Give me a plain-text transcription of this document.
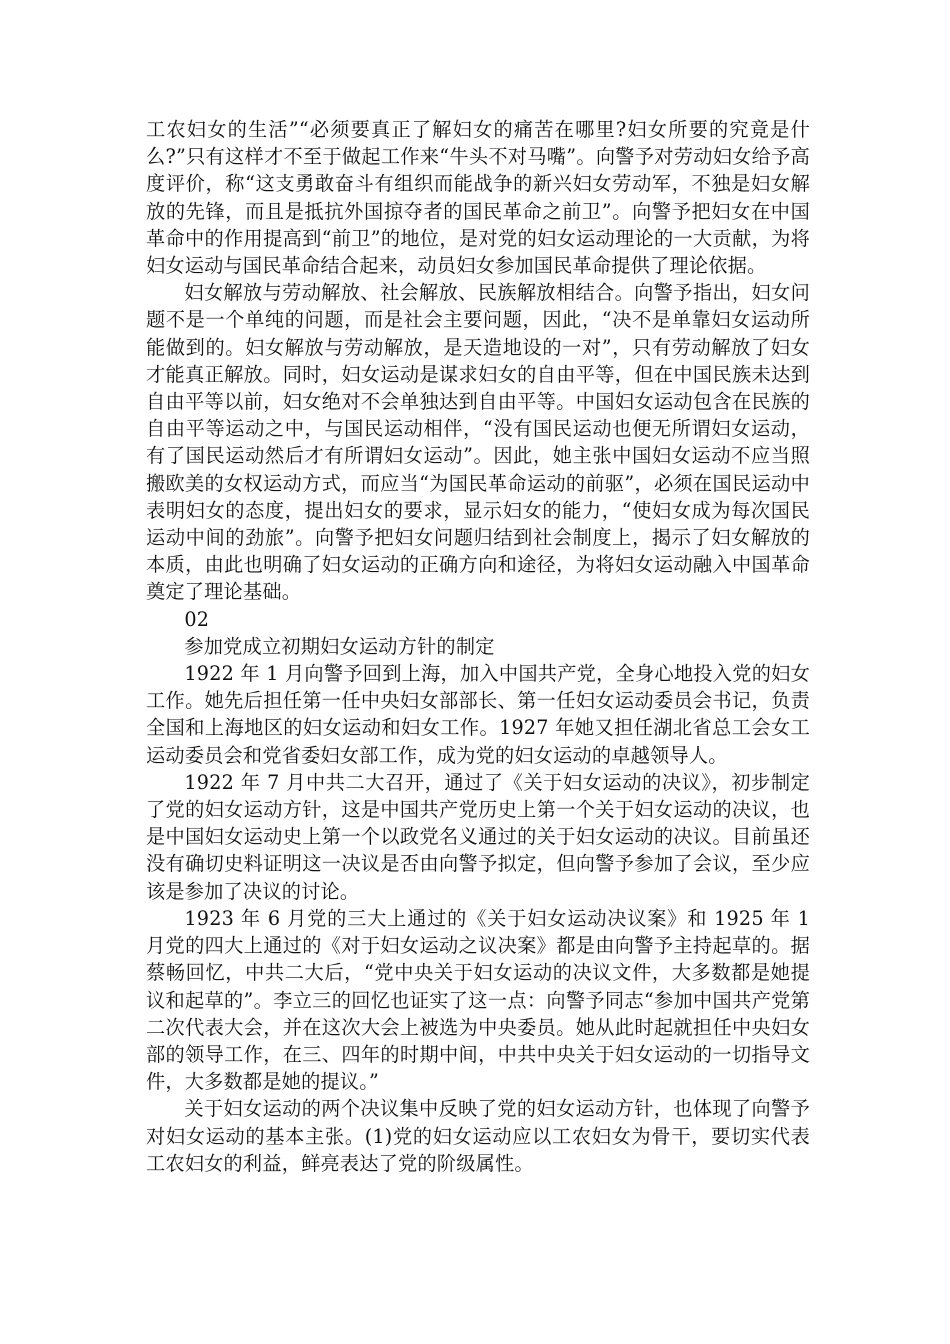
工农妇女的生活”“必须要真正了解妇女的痛苦在哪里?妇女所要的究竟是什么?”只有这样才不至于做起工作来“牛头不对马嘴”。向警予对劳动妇女给予高度评价，称“这支勇敢奋斗有组织而能战争的新兴妇女劳动军，不独是妇女解放的先锋，而且是抵抗外国掠夺者的国民革命之前卫”。向警予把妇女在中国革命中的作用提高到“前卫”的地位，是对党的妇女运动理论的一大贡献，为将妇女运动与国民革命结合起来，动员妇女参加国民革命提供了理论依据。

妇女解放与劳动解放、社会解放、民族解放相结合。向警予指出，妇女问题不是一个单纯的问题，而是社会主要问题，因此，“决不是单靠妇女运动所能做到的。妇女解放与劳动解放，是天造地设的一对”，只有劳动解放了妇女才能真正解放。同时，妇女运动是谋求妇女的自由平等，但在中国民族未达到自由平等以前，妇女绝对不会单独达到自由平等。中国妇女运动包含在民族的自由平等运动之中，与国民运动相伴，“没有国民运动也便无所谓妇女运动，有了国民运动然后才有所谓妇女运动”。因此，她主张中国妇女运动不应当照搬欧美的女权运动方式，而应当“为国民革命运动的前驱”，必须在国民运动中表明妇女的态度，提出妇女的要求，显示妇女的能力，“使妇女成为每次国民运动中间的劲旅”。向警予把妇女问题归结到社会制度上，揭示了妇女解放的本质，由此也明确了妇女运动的正确方向和途径，为将妇女运动融入中国革命奠定了理论基础。

02

参加党成立初期妇女运动方针的制定

1922 年 1 月向警予回到上海，加入中国共产党，全身心地投入党的妇女工作。她先后担任第一任中央妇女部部长、第一任妇女运动委员会书记，负责全国和上海地区的妇女运动和妇女工作。1927 年她又担任湖北省总工会女工运动委员会和党省委妇女部工作，成为党的妇女运动的卓越领导人。

1922 年 7 月中共二大召开，通过了《关于妇女运动的决议》，初步制定了党的妇女运动方针，这是中国共产党历史上第一个关于妇女运动的决议，也是中国妇女运动史上第一个以政党名义通过的关于妇女运动的决议。目前虽还没有确切史料证明这一决议是否由向警予拟定，但向警予参加了会议，至少应该是参加了决议的讨论。

1923 年 6 月党的三大上通过的《关于妇女运动决议案》和 1925 年 1 月党的四大上通过的《对于妇女运动之议决案》都是由向警予主持起草的。据蔡畅回忆，中共二大后，“党中央关于妇女运动的决议文件，大多数都是她提议和起草的”。李立三的回忆也证实了这一点：向警予同志“参加中国共产党第二次代表大会，并在这次大会上被选为中央委员。她从此时起就担任中央妇女部的领导工作，在三、四年的时期中间，中共中央关于妇女运动的一切指导文件，大多数都是她的提议。”

关于妇女运动的两个决议集中反映了党的妇女运动方针，也体现了向警予对妇女运动的基本主张。(1)党的妇女运动应以工农妇女为骨干，要切实代表工农妇女的利益，鲜亮表达了党的阶级属性。
